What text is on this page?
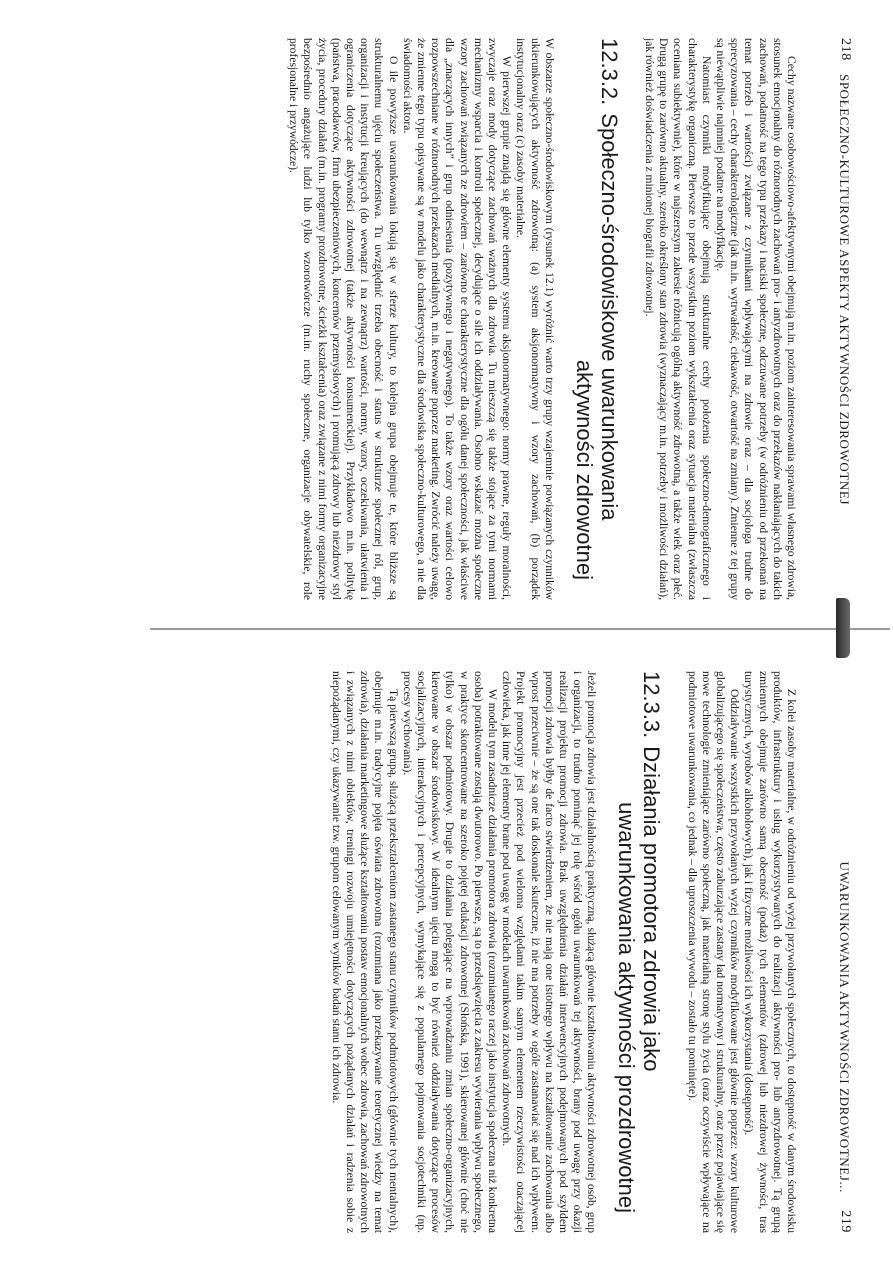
218
SPOŁECZNO-KULTUROWE ASPEKTY AKTYWNOŚCI ZDROWOTNEJ

Cechy nazwane osobowościowo-afektywnymi obejmują m.in. poziom zainteresowania sprawami własnego zdrowia, stosunek emocjonalny do różnorodnych zachowań pro- i antyzdrowotnych oraz do przekazów nakłaniających do takich zachowań, podatność na tego typu przekazy i naciski społeczne, odczuwane potrzeby (w odróżnieniu od przekonań na temat potrzeb i wartości) związane z czynnikami wpływającymi na zdrowie oraz – dla socjologa trudne do sprecyzowania – cechy charakterologiczne (jak m.in. wytrwałość, ciekawość, otwartość na zmiany). Zmienne z tej grupy są niewątpliwie najmniej podatne na modyfikację.

Natomiast czynniki modyfikujące obejmują strukturalne cechy położenia społeczno-demograficznego i charakterystykę organiczną. Pierwsze to przede wszystkim poziom wykształcenia oraz sytuacja materialna (zwłaszcza oceniana subiektywnie), które w najszerszym zakresie różnicują ogólną aktywność zdrowotną, a także wiek oraz płeć. Drugą grupę to zarówno aktualny, szeroko określony stan zdrowia (wyznaczający m.in. potrzeby i możliwości działań), jak również doświadczenia z minionej biografii zdrowotnej.

12.3.2.Społeczno-środowiskowe uwarunkowania
aktywności zdrowotnej

W obszarze społeczno-środowiskowym (rysunek 12.1) wyróżnić warto trzy grupy wzajemnie powiązanych czynników ukierunkowujących aktywność zdrowotną: (a) system aksjonormatywny i wzory zachowań, (b) porządek instytucjonalny oraz (c) zasoby materialne.

W pierwszej grupie znajdą się główne elementy systemu aksjonormatywnego: normy prawne, reguły moralności, zwyczaje oraz mody dotyczące zachowań ważnych dla zdrowia. Tu mieszczą się także stojące za tymi normami mechanizmy wsparcia i kontroli społecznej, decydujące o sile ich oddziaływania. Osobno wskazać można społeczne wzory zachowań związanych ze zdrowiem – zarówno te charakterystyczne dla ogółu danej społeczności, jak właściwe dla „znaczących innych” i grup odniesienia (pozytywnego i negatywnego). To także wzory oraz wartości celowo rozpowszechniane w różnorodnych przekazach medialnych, m.in. kreowane poprzez marketing. Zwrócić należy uwagę, że zmienne tego typu opisywane są w modelu jako charakterystyczne dla środowiska społeczno-kulturowego, a nie dla świadomości aktora.

O ile powyższe uwarunkowania lokują się w sferze kultury, to kolejna grupa obejmuje te, które bliższe są strukturalnemu ujęciu społeczeństwa. Tu uwzględnić trzeba obecność i status w strukturze społecznej ról, grup, organizacji i instytucji kreujących (do wewnątrz i na zewnątrz) wartości, normy, wzory, oczekiwania, ułatwienia i ograniczenia dotyczące aktywności zdrowotnej (także aktywności konsumenckiej). Przykładowo m.in. politykę (państwa, pracodawców, firm ubezpieczeniowych, koncernów przemysłowych) i promującą zdrowy lub niezdrowy styl życia, procedury działań (m.in. programy prozdrowotne, ścieżki kształcenia) oraz związane z nimi formy organizacyjne bezpośrednio angażujące ludzi lub tylko wzorotwórcze (m.in. ruchy społeczne, organizacje obywatelskie, role profesjonalne i przywódcze).

UWARUNKOWANIA AKTYWNOŚCI ZDROWOTNEJ...
219

Z kolei zasoby materialne, w odróżnieniu od wyżej przywołanych społecznych, to dostępność w danym środowisku produktów, infrastruktury i usług wykorzystywanych do realizacji aktywności pro- lub antyzdrowotnej. Tą grupą zmiennych obejmuje zarówno samą obecność (podaż) tych elementów (zdrowej lub niezdrowej żywności, tras turystycznych, wyrobów alkoholowych), jak i fizyczne możliwości ich wykorzystania (dostępność).

Oddziaływanie wszystkich przywołanych wyżej czynników modyfikowane jest głównie poprzez: wzory kulturowe globalizującego się społeczeństwa, często zaburzające zastany ład normatywny i strukturalny, oraz przez pojawiające się nowe technologie zmieniające zarówno społeczną, jak materialną stronę stylu życia (oraz oczywiście wpływające na podmiotowe uwarunkowania, co jednak – dla uproszczenia wywodu – zostało tu pominięte).

12.3.3.Działania promotora zdrowia jako
uwarunkowania aktywności prozdrowotnej

Jeżeli promocja zdrowia jest działalnością praktyczną, służącą głównie kształtowaniu aktywności zdrowotnej osób, grup i organizacji, to trudno pominąć jej rolę wśród ogółu uwarunkowań tej aktywności, brany pod uwagę przy okazji realizacji projektu promocji zdrowia. Brak uwzględnienia działań interwencyjnych podejmowanych pod szyldem promocji zdrowia byłby de facto stwierdzeniem, że nie mają one istotnego wpływu na kształtowanie zachowania albo wprost przeciwnie – że są one tak doskonale skuteczne, iż nie ma potrzeby w ogóle zastanawiać się nad ich wpływem. Projekt promocyjny jest przecież pod wieloma względami takim samym elementem rzeczywistości otaczającej człowieka, jak inne jej elementy brane pod uwagę w modelach uwarunkowań zachowań zdrowotnych.

W modelu tym zasadnicze działania promotora zdrowia (rozumianego raczej jako instytucja społeczna niż konkretna osoba) potraktowane zostają dwutorowo. Po pierwsze, są to przedsięwzięcia z zakresu wywierania wpływu społecznego, w praktyce skoncentrowane na szeroko pojętej edukacji zdrowotnej (Słońska, 1991), skierowanej głównie (choć nie tylko) w obszar podmiotowy. Drugie to działania polegające na wprowadzaniu zmian społeczno-organizacyjnych, kierowane w obszar środowiskowy. W idealnym ujęciu mogą to być również oddziaływania dotyczące procesów socjalizacyjnych, interakcyjnych i percepcyjnych, wymykające się z popularnego pojmowania socjotechniki (np. procesy wychowania).

Tą pierwszą grupą, służącą przekształceniom zastanego stanu czynników podmiotowych (głównie tych mentalnych), obejmuje m.in. tradycyjne pojęta oświata zdrowotna (rozumiana jako przekazywanie teoretycznej wiedzy na temat zdrowia), działania marketingowe służące kształtowaniu postaw emocjonalnych wobec zdrowia, zachowań zdrowotnych i związanych z nimi obiektów, treningi rozwoju umiejętności dotyczących pożądanych działań i radzenia sobie z niepożądanymi, czy ukazywanie tzw. grupom celowanym wyników badań stanu ich zdrowia.
